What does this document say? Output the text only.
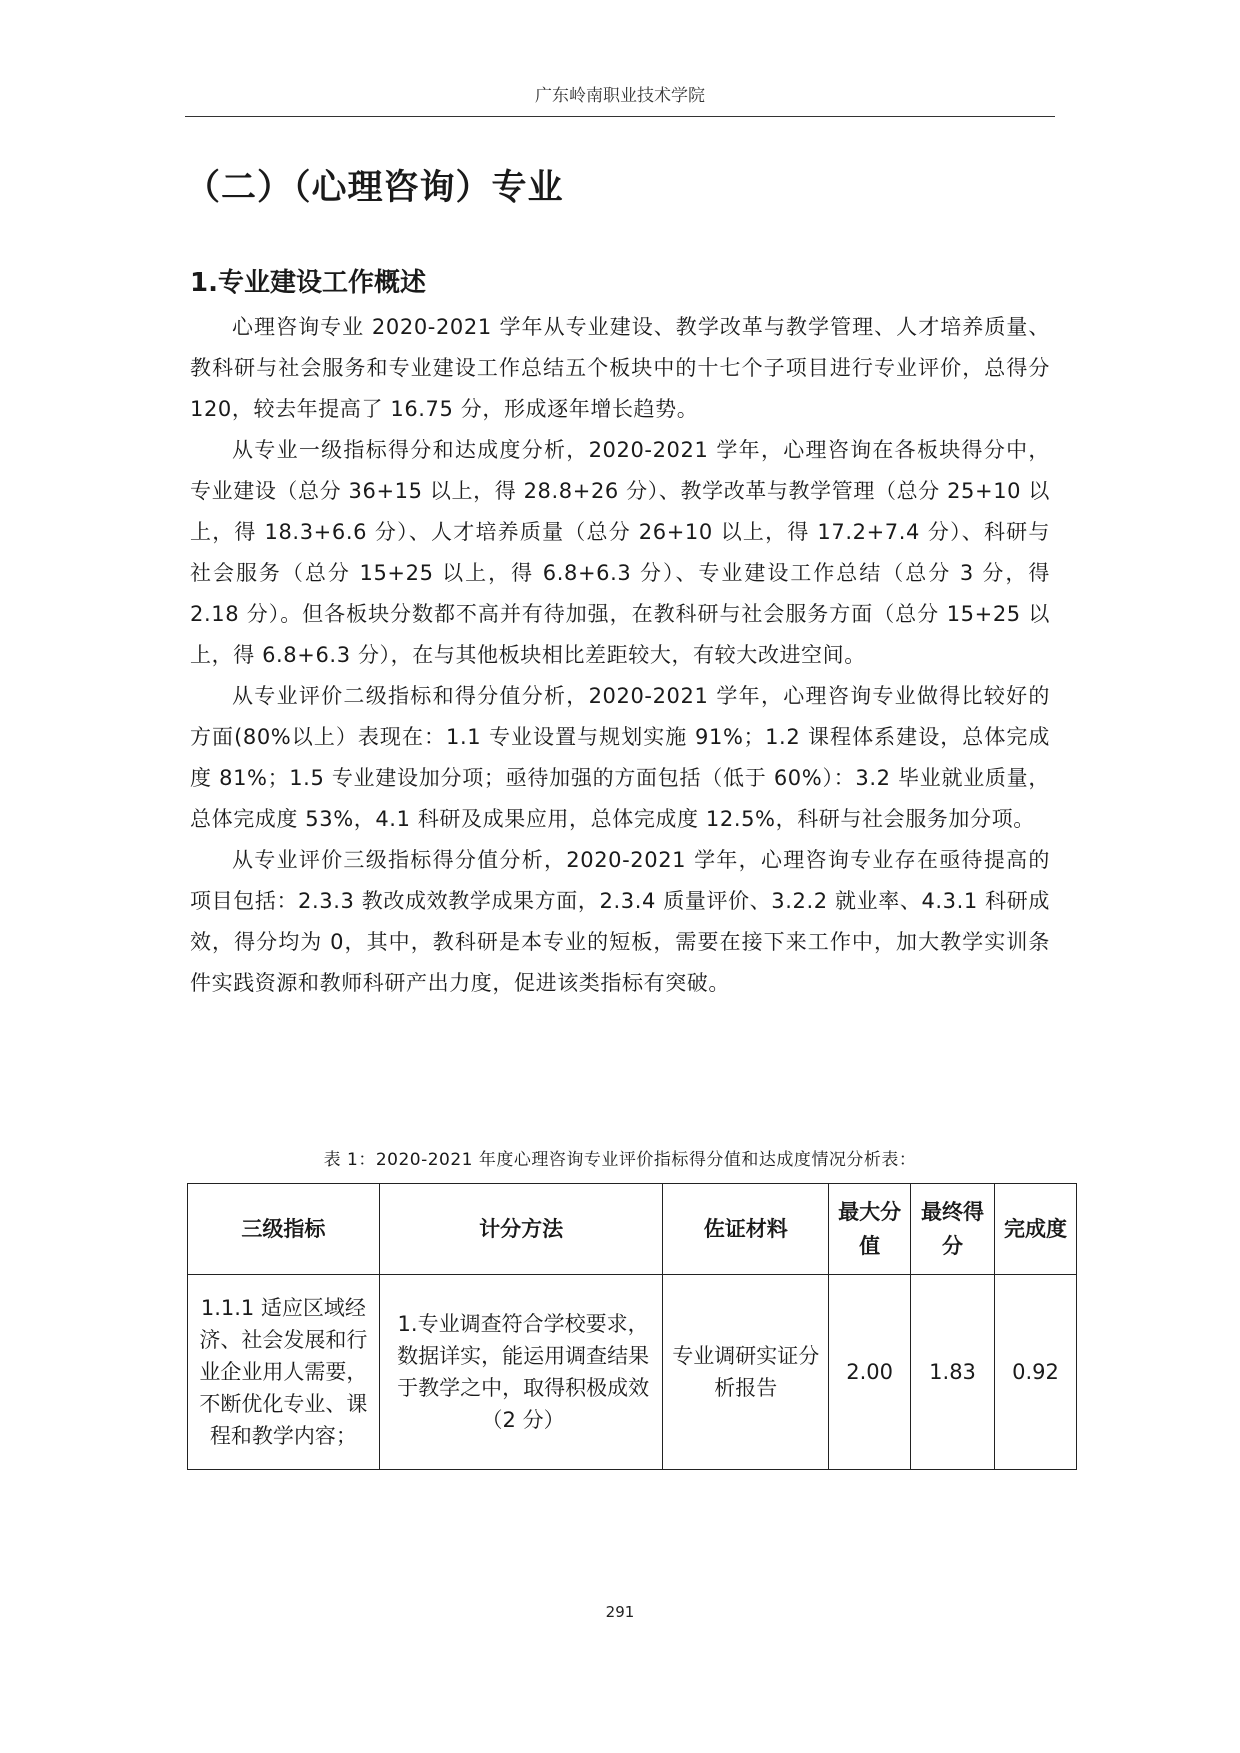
广东岭南职业技术学院
（二）（心理咨询）专业
1.专业建设工作概述

心理咨询专业 2020-2021 学年从专业建设、教学改革与教学管理、人才培养质量、教科研与社会服务和专业建设工作总结五个板块中的十七个子项目进行专业评价，总得分 120，较去年提高了 16.75 分，形成逐年增长趋势。

从专业一级指标得分和达成度分析，2020-2021 学年，心理咨询在各板块得分中，专业建设（总分 36+15 以上，得 28.8+26 分）、教学改革与教学管理（总分 25+10 以上，得 18.3+6.6 分）、人才培养质量（总分 26+10 以上，得 17.2+7.4 分）、科研与社会服务（总分 15+25 以上，得 6.8+6.3 分）、专业建设工作总结（总分 3 分，得 2.18 分）。但各板块分数都不高并有待加强，在教科研与社会服务方面（总分 15+25 以上，得 6.8+6.3 分），在与其他板块相比差距较大，有较大改进空间。

从专业评价二级指标和得分值分析，2020-2021 学年，心理咨询专业做得比较好的方面(80%以上）表现在：1.1 专业设置与规划实施 91%；1.2 课程体系建设，总体完成度 81%；1.5 专业建设加分项；亟待加强的方面包括（低于 60%）：3.2 毕业就业质量，总体完成度 53%，4.1 科研及成果应用，总体完成度 12.5%，科研与社会服务加分项。

从专业评价三级指标得分值分析，2020-2021 学年，心理咨询专业存在亟待提高的项目包括：2.3.3 教改成效教学成果方面，2.3.4 质量评价、3.2.2 就业率、4.3.1 科研成效，得分均为 0，其中，教科研是本专业的短板，需要在接下来工作中，加大教学实训条件实践资源和教师科研产出力度，促进该类指标有突破。

表 1：2020-2021 年度心理咨询专业评价指标得分值和达成度情况分析表：
三级指标	计分方法	佐证材料	最大分值	最终得分	完成度
1.1.1 适应区域经济、社会发展和行业企业用人需要，不断优化专业、课程和教学内容；	1.专业调查符合学校要求，数据详实，能运用调查结果于教学之中，取得积极成效（2 分）	专业调研实证分析报告	2.00	1.83	0.92
291
